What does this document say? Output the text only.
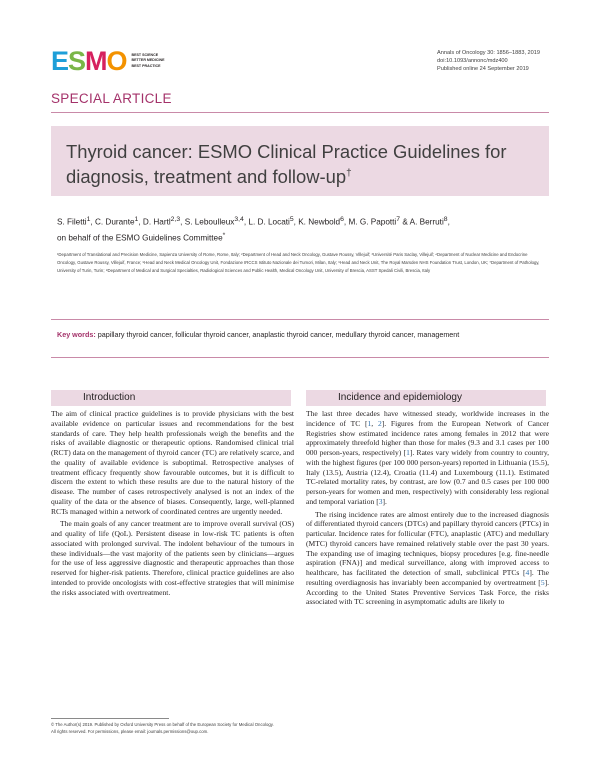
ESMO BEST SCIENCE
BETTER MEDICINE
BEST PRACTICE
Annals of Oncology 30: 1856–1883, 2019
doi:10.1093/annonc/mdz400
Published online 24 September 2019
SPECIAL ARTICLE
Thyroid cancer: ESMO Clinical Practice Guidelines for diagnosis, treatment and follow-up†
S. Filetti$^1$, C. Durante$^1$, D. Hartl$^{2,3}$, S. Leboulleux$^{3,4}$, L. D. Locati$^5$, K. Newbold$^6$, M. G. Papotti$^7$ & A. Berruti$^8$,
on behalf of the ESMO Guidelines Committee*
¹Department of Translational and Precision Medicine, Sapienza University of Rome, Rome, Italy; ²Department of Head and Neck Oncology, Gustave Roussy, Villejuif; ³Université Paris Saclay, Villejuif; ⁴Department of Nuclear Medicine and Endocrine Oncology, Gustave Roussy, Villejuif, France; ⁵Head and Neck Medical Oncology Unit, Fondazione IRCCS Istituto Nazionale dei Tumori, Milan, Italy; ⁶Head and Neck Unit, The Royal Marsden NHS Foundation Trust, London, UK; ⁷Department of Pathology, University of Turin, Turin; ⁸Department of Medical and Surgical Specialties, Radiological Sciences and Public Health, Medical Oncology Unit, University of Brescia, ASST Spedali Civili, Brescia, Italy
Key words: papillary thyroid cancer, follicular thyroid cancer, anaplastic thyroid cancer, medullary thyroid cancer, management
Introduction	Incidence and epidemiology

The aim of clinical practice guidelines is to provide physicians with the best available evidence on particular issues and recommendations for the best standards of care. They help health professionals weigh the benefits and the risks of available diagnostic or therapeutic options. Randomised clinical trial (RCT) data on the management of thyroid cancer (TC) are relatively scarce, and the quality of available evidence is suboptimal. Retrospective analyses of treatment efficacy frequently show favourable outcomes, but it is difficult to discern the extent to which these results are due to the natural history of the disease. The number of cases retrospectively analysed is not an index of the quality of the data or the absence of biases. Consequently, large, well-planned RCTs managed within a network of coordinated centres are urgently needed.

The main goals of any cancer treatment are to improve overall survival (OS) and quality of life (QoL). Persistent disease in low-risk TC patients is often associated with prolonged survival. The indolent behaviour of the tumours in these individuals—the vast majority of the patients seen by clinicians—argues for the use of less aggressive diagnostic and therapeutic approaches than those reserved for higher-risk patients. Therefore, clinical practice guidelines are also intended to provide oncologists with cost-effective strategies that will minimise the risks associated with overtreatment.

The last three decades have witnessed steady, worldwide increases in the incidence of TC [1, 2]. Figures from the European Network of Cancer Registries show estimated incidence rates among females in 2012 that were approximately threefold higher than those for males (9.3 and 3.1 cases per 100 000 person-years, respectively) [1]. Rates vary widely from country to country, with the highest figures (per 100 000 person-years) reported in Lithuania (15.5), Italy (13.5), Austria (12.4), Croatia (11.4) and Luxembourg (11.1). Estimated TC-related mortality rates, by contrast, are low (0.7 and 0.5 cases per 100 000 person-years for women and men, respectively) with considerably less regional and temporal variation [3].

The rising incidence rates are almost entirely due to the increased diagnosis of differentiated thyroid cancers (DTCs) and papillary thyroid cancers (PTCs) in particular. Incidence rates for follicular (FTC), anaplastic (ATC) and medullary (MTC) thyroid cancers have remained relatively stable over the past 30 years. The expanding use of imaging techniques, biopsy procedures [e.g. fine-needle aspiration (FNA)] and medical surveillance, along with improved access to healthcare, has facilitated the detection of small, subclinical PTCs [4]. The resulting overdiagnosis has invariably been accompanied by overtreatment [5]. According to the United States Preventive Services Task Force, the risks associated with TC screening in asymptomatic adults are likely to

© The Author(s) 2019. Published by Oxford University Press on behalf of the European Society for Medical Oncology.
All rights reserved. For permissions, please email: journals.permissions@oup.com.
